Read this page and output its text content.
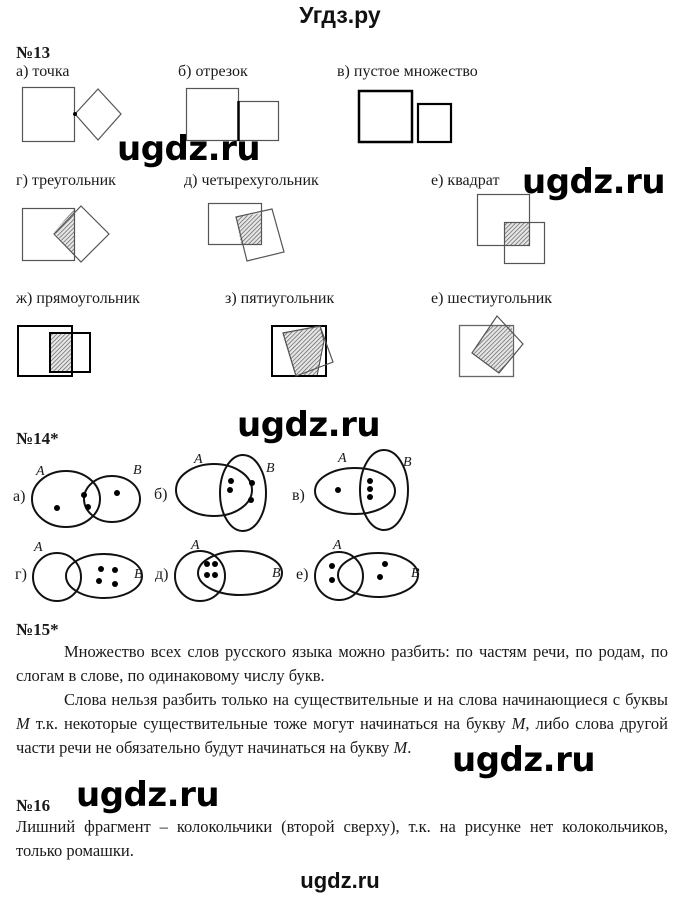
Угдз.ру
№13
а) точка	б) отрезок	в) пустое множество
ugdz.ru
г) треугольник	д) четырехугольник	е) квадрат ugdz.ru
ж) прямоугольник	з) пятиугольник	е) шестиугольник
ugdz.ru
№14*
а)	б)	в)
г)	д)	е)
A	B
A
B
A	B
A
B
A
B
A
B
№15*

Множество всех слов русского языка можно разбить: по частям речи, по родам, по слогам в слове, по одинаковому числу букв.

Слова нельзя разбить только на существительные и на слова начинающиеся с буквы М т.к. некоторые существительные тоже могут начинаться на букву М, либо слова другой части речи не обязательно будут начинаться на букву М.	ugdz.ru
ugdz.ru
№16

Лишний фрагмент – колокольчики (второй сверху), т.к. на рисунке нет колокольчиков, только ромашки.

ugdz.ru
